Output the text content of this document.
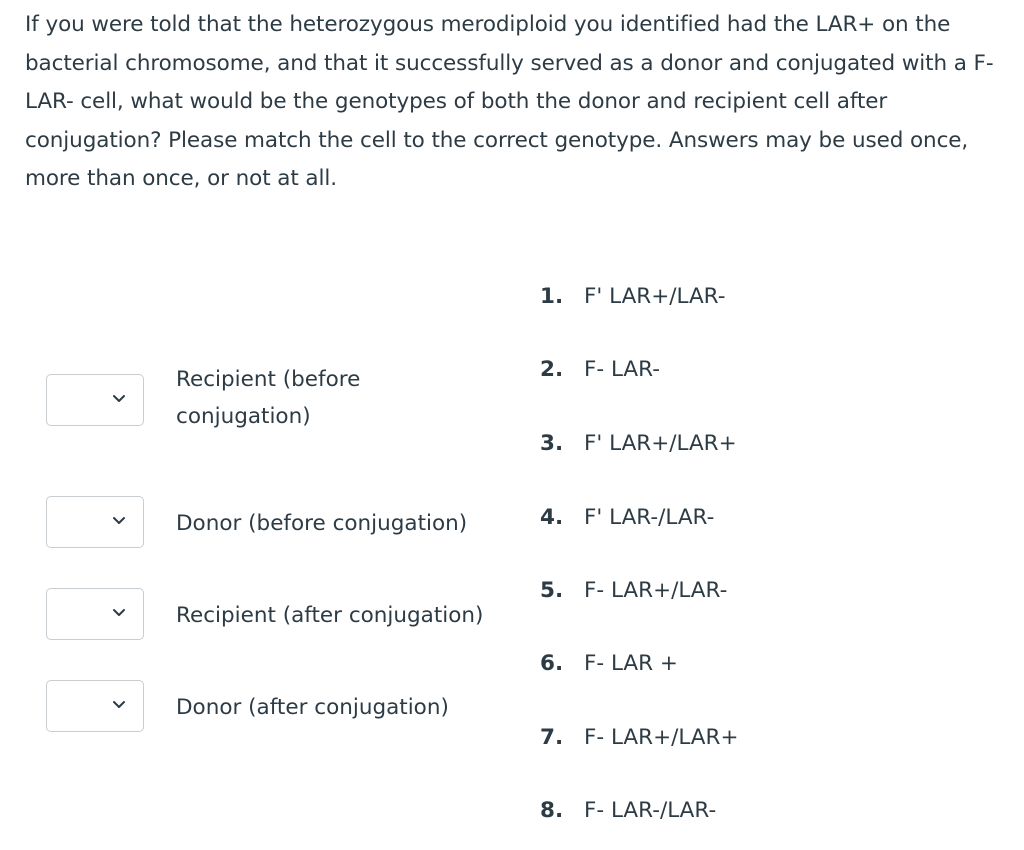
If you were told that the heterozygous merodiploid you identified had the LAR+ on the bacterial chromosome, and that it successfully served as a donor and conjugated with a F- LAR- cell, what would be the genotypes of both the donor and recipient cell after conjugation? Please match the cell to the correct genotype. Answers may be used once, more than once, or not at all.

Recipient (before
conjugation)
Donor (before conjugation)
Recipient (after conjugation)
Donor (after conjugation)
1. F' LAR+/LAR-
2. F- LAR-
3. F' LAR+/LAR+
4. F' LAR-/LAR-
5. F- LAR+/LAR-
6. F- LAR +
7. F- LAR+/LAR+
8. F- LAR-/LAR-
